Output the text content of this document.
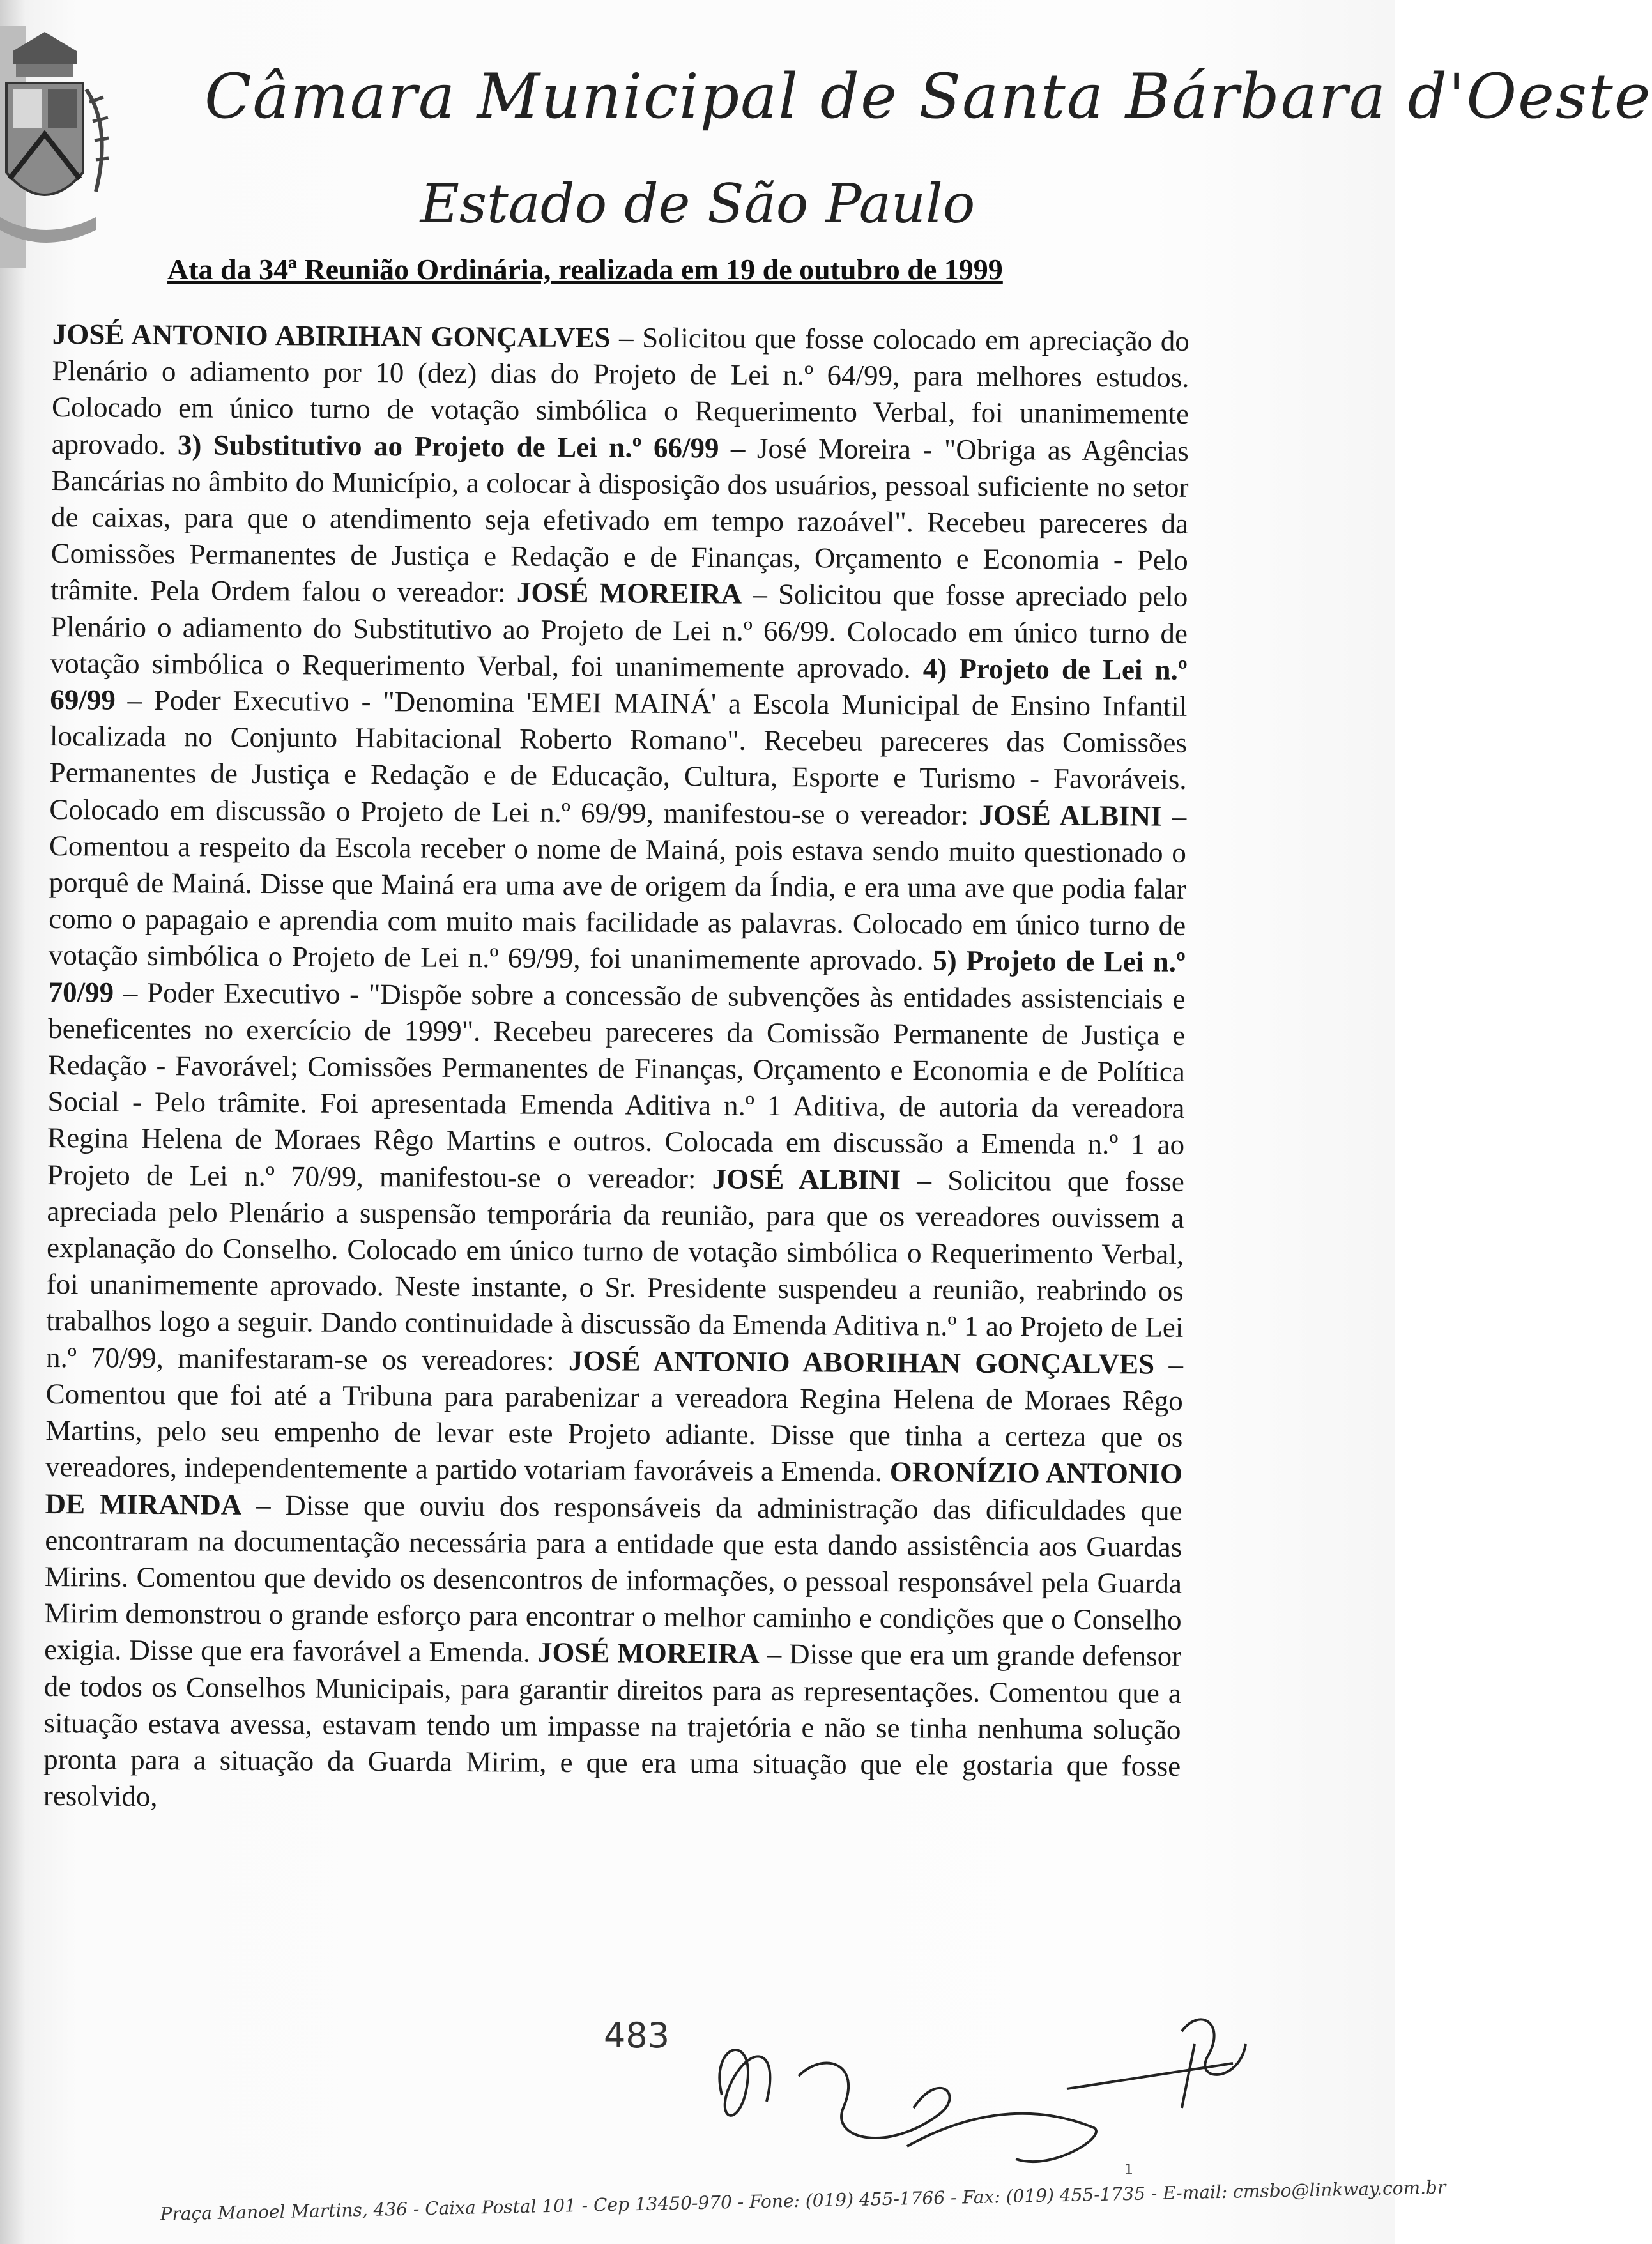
Câmara Municipal de Santa Bárbara d'Oeste
Estado de São Paulo
Ata da 34ª Reunião Ordinária, realizada em 19 de outubro de 1999
JOSÉ ANTONIO ABIRIHAN GONÇALVES – Solicitou que fosse colocado em apreciação do Plenário o adiamento por 10 (dez) dias do Projeto de Lei n.º 64/99, para melhores estudos. Colocado em único turno de votação simbólica o Requerimento Verbal, foi unanimemente aprovado. 3) Substitutivo ao Projeto de Lei n.º 66/99 – José Moreira - "Obriga as Agências Bancárias no âmbito do Município, a colocar à disposição dos usuários, pessoal suficiente no setor de caixas, para que o atendimento seja efetivado em tempo razoável". Recebeu pareceres da Comissões Permanentes de Justiça e Redação e de Finanças, Orçamento e Economia - Pelo trâmite. Pela Ordem falou o vereador: JOSÉ MOREIRA – Solicitou que fosse apreciado pelo Plenário o adiamento do Substitutivo ao Projeto de Lei n.º 66/99. Colocado em único turno de votação simbólica o Requerimento Verbal, foi unanimemente aprovado. 4) Projeto de Lei n.º 69/99 – Poder Executivo - "Denomina 'EMEI MAINÁ' a Escola Municipal de Ensino Infantil localizada no Conjunto Habitacional Roberto Romano". Recebeu pareceres das Comissões Permanentes de Justiça e Redação e de Educação, Cultura, Esporte e Turismo - Favoráveis. Colocado em discussão o Projeto de Lei n.º 69/99, manifestou-se o vereador: JOSÉ ALBINI – Comentou a respeito da Escola receber o nome de Mainá, pois estava sendo muito questionado o porquê de Mainá. Disse que Mainá era uma ave de origem da Índia, e era uma ave que podia falar como o papagaio e aprendia com muito mais facilidade as palavras. Colocado em único turno de votação simbólica o Projeto de Lei n.º 69/99, foi unanimemente aprovado. 5) Projeto de Lei n.º 70/99 – Poder Executivo - "Dispõe sobre a concessão de subvenções às entidades assistenciais e beneficentes no exercício de 1999". Recebeu pareceres da Comissão Permanente de Justiça e Redação - Favorável; Comissões Permanentes de Finanças, Orçamento e Economia e de Política Social - Pelo trâmite. Foi apresentada Emenda Aditiva n.º 1 Aditiva, de autoria da vereadora Regina Helena de Moraes Rêgo Martins e outros. Colocada em discussão a Emenda n.º 1 ao Projeto de Lei n.º 70/99, manifestou-se o vereador: JOSÉ ALBINI – Solicitou que fosse apreciada pelo Plenário a suspensão temporária da reunião, para que os vereadores ouvissem a explanação do Conselho. Colocado em único turno de votação simbólica o Requerimento Verbal, foi unanimemente aprovado. Neste instante, o Sr. Presidente suspendeu a reunião, reabrindo os trabalhos logo a seguir. Dando continuidade à discussão da Emenda Aditiva n.º 1 ao Projeto de Lei n.º 70/99, manifestaram-se os vereadores: JOSÉ ANTONIO ABORIHAN GONÇALVES – Comentou que foi até a Tribuna para parabenizar a vereadora Regina Helena de Moraes Rêgo Martins, pelo seu empenho de levar este Projeto adiante. Disse que tinha a certeza que os vereadores, independentemente a partido votariam favoráveis a Emenda. ORONÍZIO ANTONIO DE MIRANDA – Disse que ouviu dos responsáveis da administração das dificuldades que encontraram na documentação necessária para a entidade que esta dando assistência aos Guardas Mirins. Comentou que devido os desencontros de informações, o pessoal responsável pela Guarda Mirim demonstrou o grande esforço para encontrar o melhor caminho e condições que o Conselho exigia. Disse que era favorável a Emenda. JOSÉ MOREIRA – Disse que era um grande defensor de todos os Conselhos Municipais, para garantir direitos para as representações. Comentou que a situação estava avessa, estavam tendo um impasse na trajetória e não se tinha nenhuma solução pronta para a situação da Guarda Mirim, e que era uma situação que ele gostaria que fosse resolvido,
483
1
Praça Manoel Martins, 436 - Caixa Postal 101 - Cep 13450-970 - Fone: (019) 455-1766 - Fax: (019) 455-1735 - E-mail: cmsbo@linkway.com.br
